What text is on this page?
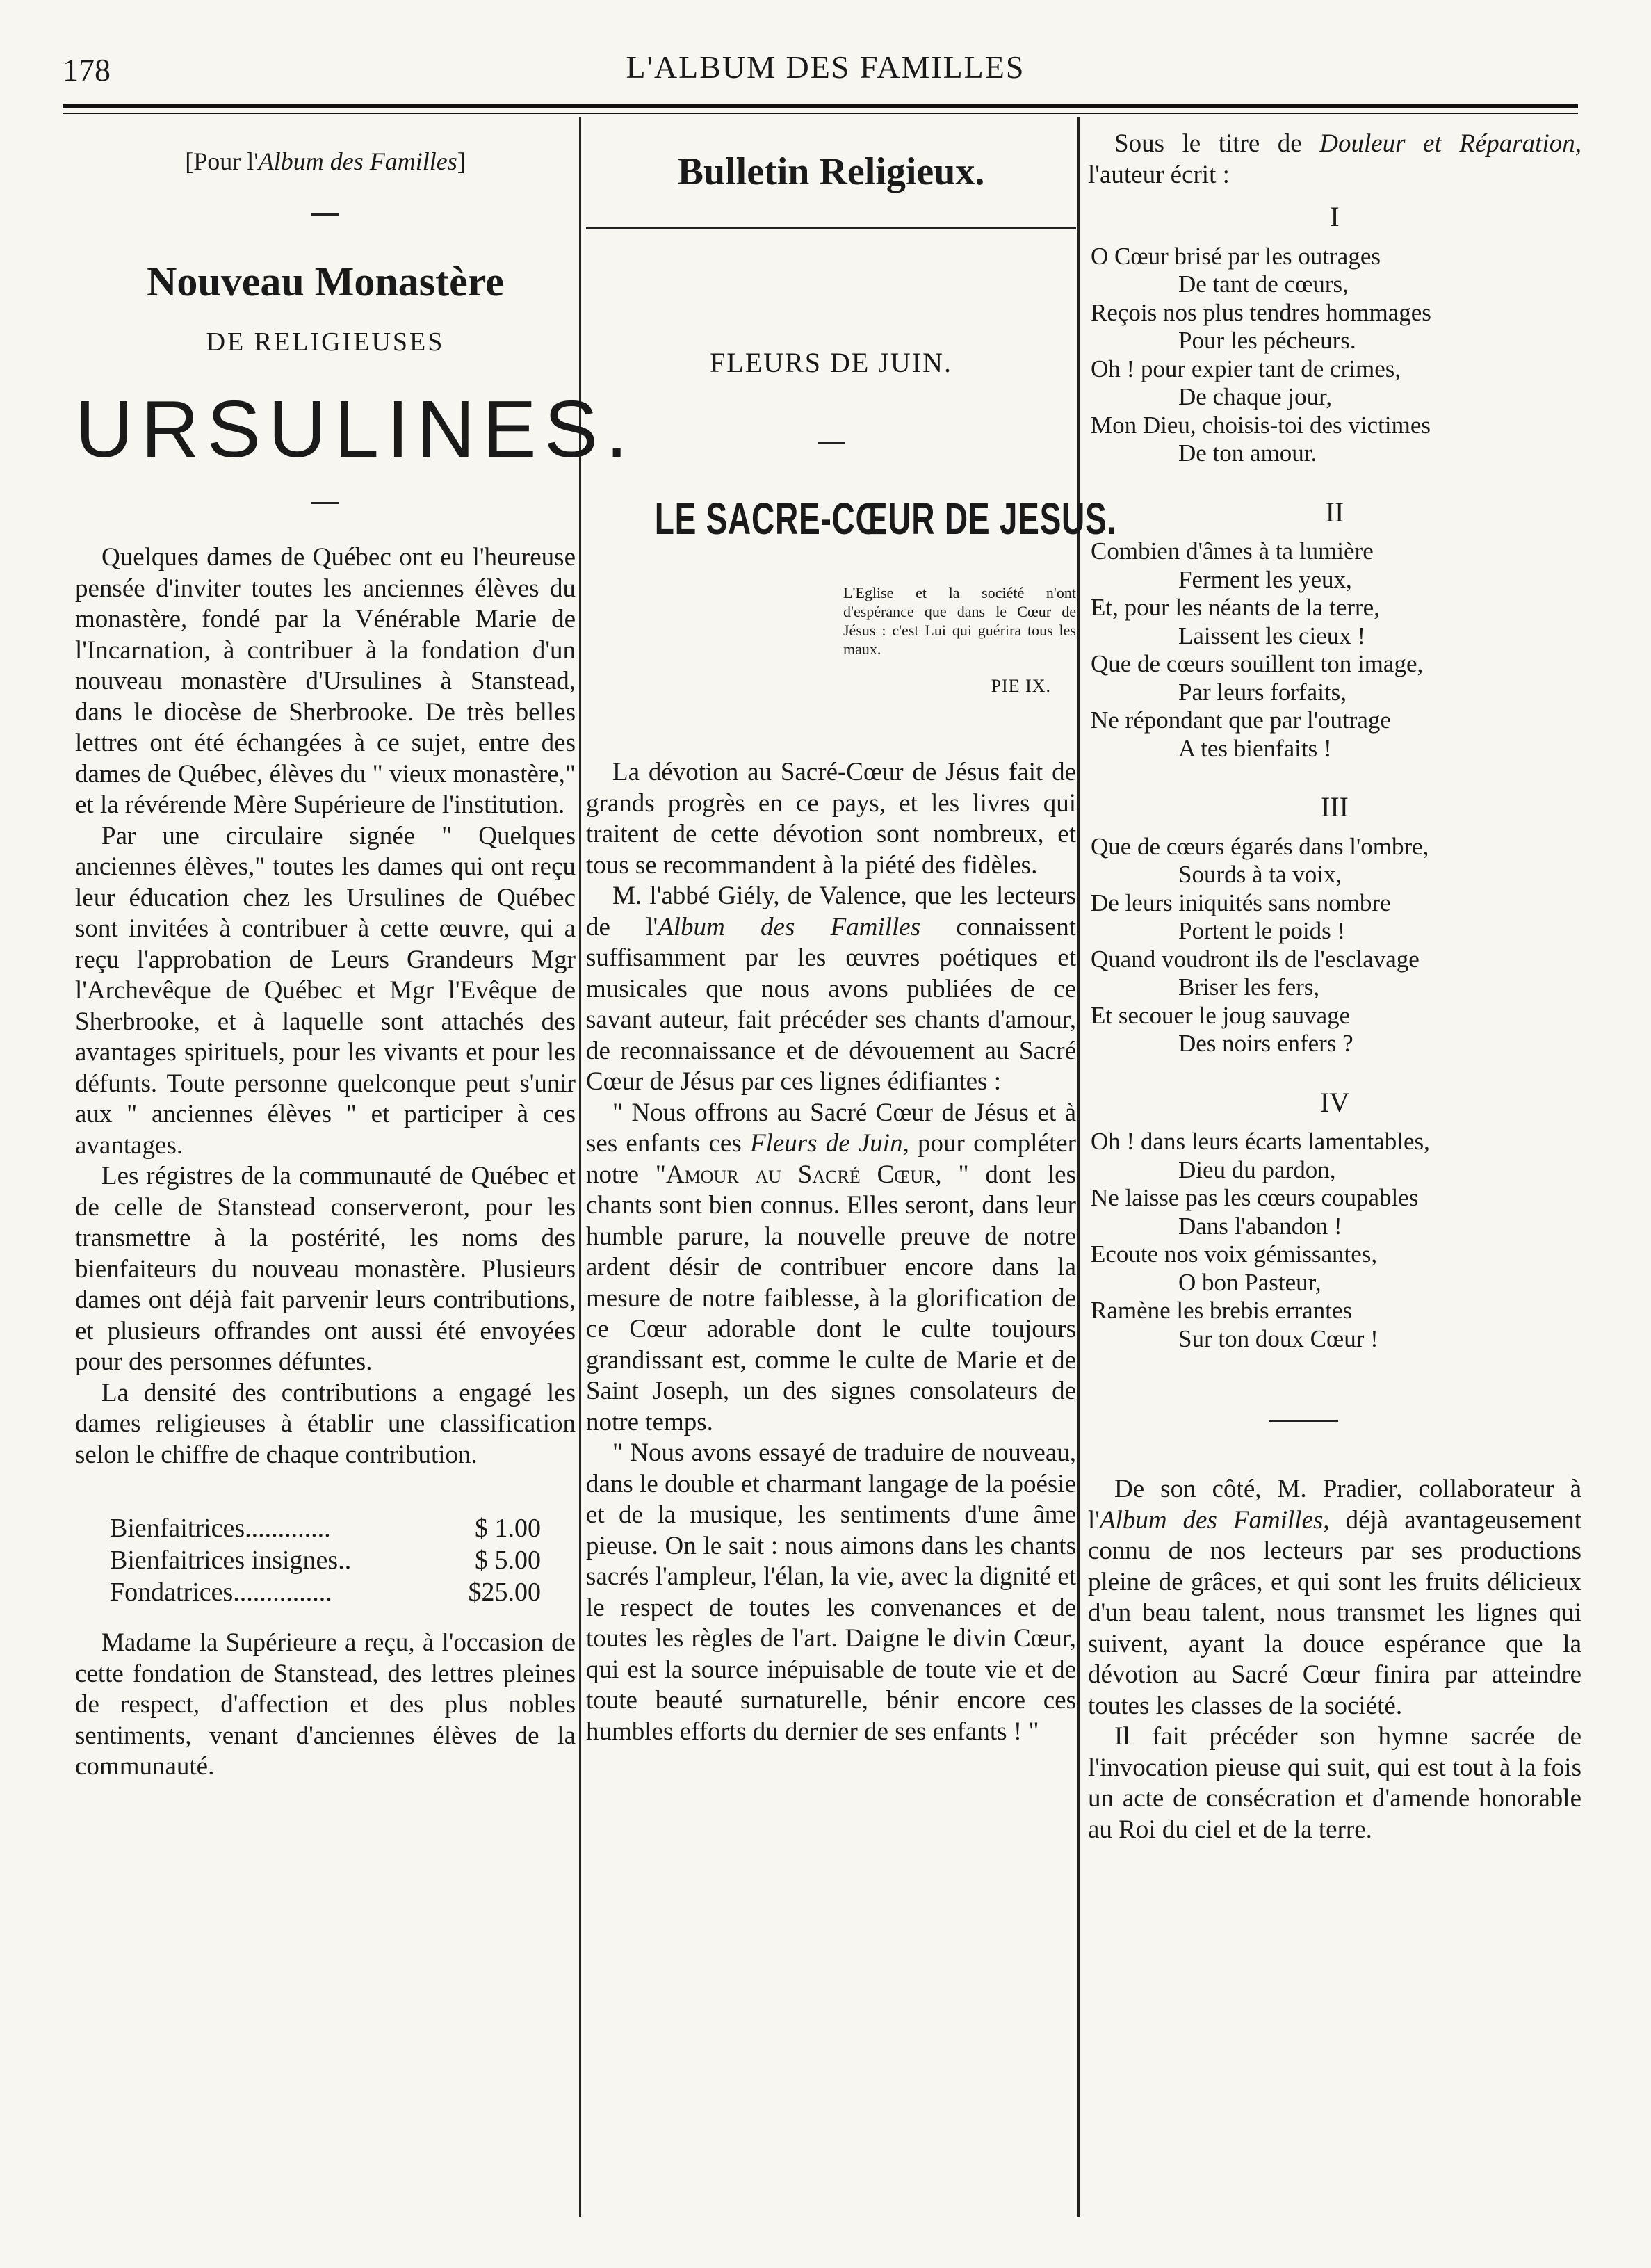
178	L'ALBUM DES FAMILLES
[Pour l'Album des Familles]
Nouveau Monastère
DE RELIGIEUSES
URSULINES.

Quelques dames de Québec ont eu l'heureuse pensée d'inviter toutes les anciennes élèves du monastère, fondé par la Vénérable Marie de l'Incarnation, à contribuer à la fondation d'un nouveau monastère d'Ursulines à Stanstead, dans le diocèse de Sherbrooke. De très belles lettres ont été échangées à ce sujet, entre des dames de Québec, élèves du " vieux monastère," et la révérende Mère Supérieure de l'institution.

Par une circulaire signée " Quelques anciennes élèves," toutes les dames qui ont reçu leur éducation chez les Ursulines de Québec sont invitées à contribuer à cette œuvre, qui a reçu l'approbation de Leurs Grandeurs Mgr l'Archevêque de Québec et Mgr l'Evêque de Sherbrooke, et à laquelle sont attachés des avantages spirituels, pour les vivants et pour les défunts. Toute personne quelconque peut s'unir aux " anciennes élèves " et participer à ces avantages.

Les régistres de la communauté de Québec et de celle de Stanstead conserveront, pour les transmettre à la postérité, les noms des bienfaiteurs du nouveau monastère. Plusieurs dames ont déjà fait parvenir leurs contributions, et plusieurs offrandes ont aussi été envoyées pour des personnes défuntes.

La densité des contributions a engagé les dames religieuses à établir une classification selon le chiffre de chaque contribution.

Bienfaitrices.............	$ 1.00
Bienfaitrices insignes..	$ 5.00
Fondatrices...............	$25.00

Madame la Supérieure a reçu, à l'occasion de cette fondation de Stanstead, des lettres pleines de respect, d'affection et des plus nobles sentiments, venant d'anciennes élèves de la communauté.

Bulletin Religieux.
FLEURS DE JUIN.
LE SACRE-CŒUR DE JESUS.
L'Eglise et la société n'ont d'espérance que dans le Cœur de Jésus : c'est Lui qui guérira tous les maux.
PIE IX.

La dévotion au Sacré-Cœur de Jésus fait de grands progrès en ce pays, et les livres qui traitent de cette dévotion sont nombreux, et tous se recommandent à la piété des fidèles.

M. l'abbé Giély, de Valence, que les lecteurs de l'Album des Familles connaissent suffisamment par les œuvres poétiques et musicales que nous avons publiées de ce savant auteur, fait précéder ses chants d'amour, de reconnaissance et de dévouement au Sacré Cœur de Jésus par ces lignes édifiantes :

" Nous offrons au Sacré Cœur de Jésus et à ses enfants ces Fleurs de Juin, pour compléter notre "Amour au Sacré Cœur, " dont les chants sont bien connus. Elles seront, dans leur humble parure, la nouvelle preuve de notre ardent désir de contribuer encore dans la mesure de notre faiblesse, à la glorification de ce Cœur adorable dont le culte toujours grandissant est, comme le culte de Marie et de Saint Joseph, un des signes consolateurs de notre temps.

" Nous avons essayé de traduire de nouveau, dans le double et charmant langage de la poésie et de la musique, les sentiments d'une âme pieuse. On le sait : nous aimons dans les chants sacrés l'ampleur, l'élan, la vie, avec la dignité et le respect de toutes les convenances et de toutes les règles de l'art. Daigne le divin Cœur, qui est la source inépuisable de toute vie et de toute beauté surnaturelle, bénir encore ces humbles efforts du dernier de ses enfants ! "

Sous le titre de Douleur et Réparation, l'auteur écrit :

I
O Cœur brisé par les outrages
De tant de cœurs,
Reçois nos plus tendres hommages
Pour les pécheurs.
Oh ! pour expier tant de crimes,
De chaque jour,
Mon Dieu, choisis-toi des victimes
De ton amour.
II
Combien d'âmes à ta lumière
Ferment les yeux,
Et, pour les néants de la terre,
Laissent les cieux !
Que de cœurs souillent ton image,
Par leurs forfaits,
Ne répondant que par l'outrage
A tes bienfaits !
III
Que de cœurs égarés dans l'ombre,
Sourds à ta voix,
De leurs iniquités sans nombre
Portent le poids !
Quand voudront ils de l'esclavage
Briser les fers,
Et secouer le joug sauvage
Des noirs enfers ?
IV
Oh ! dans leurs écarts lamentables,
Dieu du pardon,
Ne laisse pas les cœurs coupables
Dans l'abandon !
Ecoute nos voix gémissantes,
O bon Pasteur,
Ramène les brebis errantes
Sur ton doux Cœur !

De son côté, M. Pradier, collaborateur à l'Album des Familles, déjà avantageusement connu de nos lecteurs par ses productions pleine de grâces, et qui sont les fruits délicieux d'un beau talent, nous transmet les lignes qui suivent, ayant la douce espérance que la dévotion au Sacré Cœur finira par atteindre toutes les classes de la société.

Il fait précéder son hymne sacrée de l'invocation pieuse qui suit, qui est tout à la fois un acte de consécration et d'amende honorable au Roi du ciel et de la terre.
